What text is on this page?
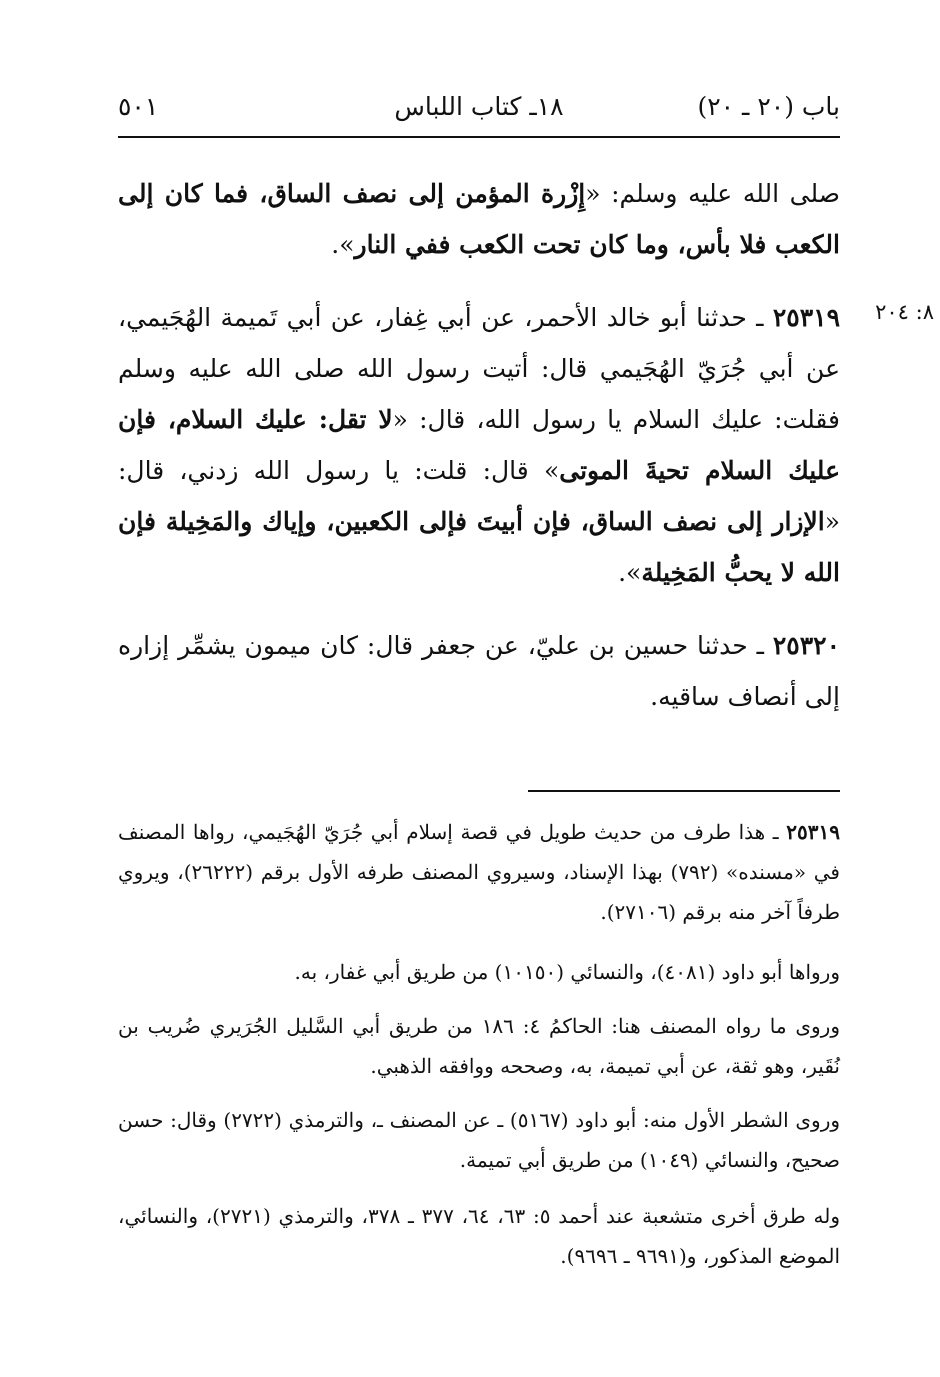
باب (٢٠ ـ ٢٠)
١٨ـ كتاب اللباس
٥٠١
صلى الله عليه وسلم: «إِزْرة المؤمن إلى نصف الساق، فما كان إلى الكعب فلا بأس، وما كان تحت الكعب ففي النار».
٨: ٢٠٤
٢٥٣١٩ ـ حدثنا أبو خالد الأحمر، عن أبي غِفار، عن أبي تَميمة الهُجَيمي، عن أبي جُرَيّ الهُجَيمي قال: أتيت رسول الله صلى الله عليه وسلم فقلت: عليك السلام يا رسول الله، قال: «لا تقل: عليك السلام، فإن عليك السلام تحيةَ الموتى» قال: قلت: يا رسول الله زدني، قال: «الإزار إلى نصف الساق، فإن أبيتَ فإلى الكعبين، وإياك والمَخِيلة فإن الله لا يحبُّ المَخِيلة».
٢٥٣٢٠ ـ حدثنا حسين بن عليّ، عن جعفر قال: كان ميمون يشمِّر إزاره إلى أنصاف ساقيه.
٢٥٣١٩ ـ هذا طرف من حديث طويل في قصة إسلام أبي جُرَيّ الهُجَيمي، رواها المصنف في «مسنده» (٧٩٢) بهذا الإسناد، وسيروي المصنف طرفه الأول برقم (٢٦٢٢٢)، ويروي طرفاً آخر منه برقم (٢٧١٠٦).
ورواها أبو داود (٤٠٨١)، والنسائي (١٠١٥٠) من طريق أبي غفار، به.
وروى ما رواه المصنف هنا: الحاكمُ ٤: ١٨٦ من طريق أبي السَّليل الجُرَيري ضُريب بن نُقَير، وهو ثقة، عن أبي تميمة، به، وصححه ووافقه الذهبي.
وروى الشطر الأول منه: أبو داود (٥١٦٧) ـ عن المصنف ـ، والترمذي (٢٧٢٢) وقال: حسن صحيح، والنسائي (١٠٤٩) من طريق أبي تميمة.
وله طرق أخرى متشعبة عند أحمد ٥: ٦٣، ٦٤، ٣٧٧ ـ ٣٧٨، والترمذي (٢٧٢١)، والنسائي، الموضع المذكور، و(٩٦٩١ ـ ٩٦٩٦).
